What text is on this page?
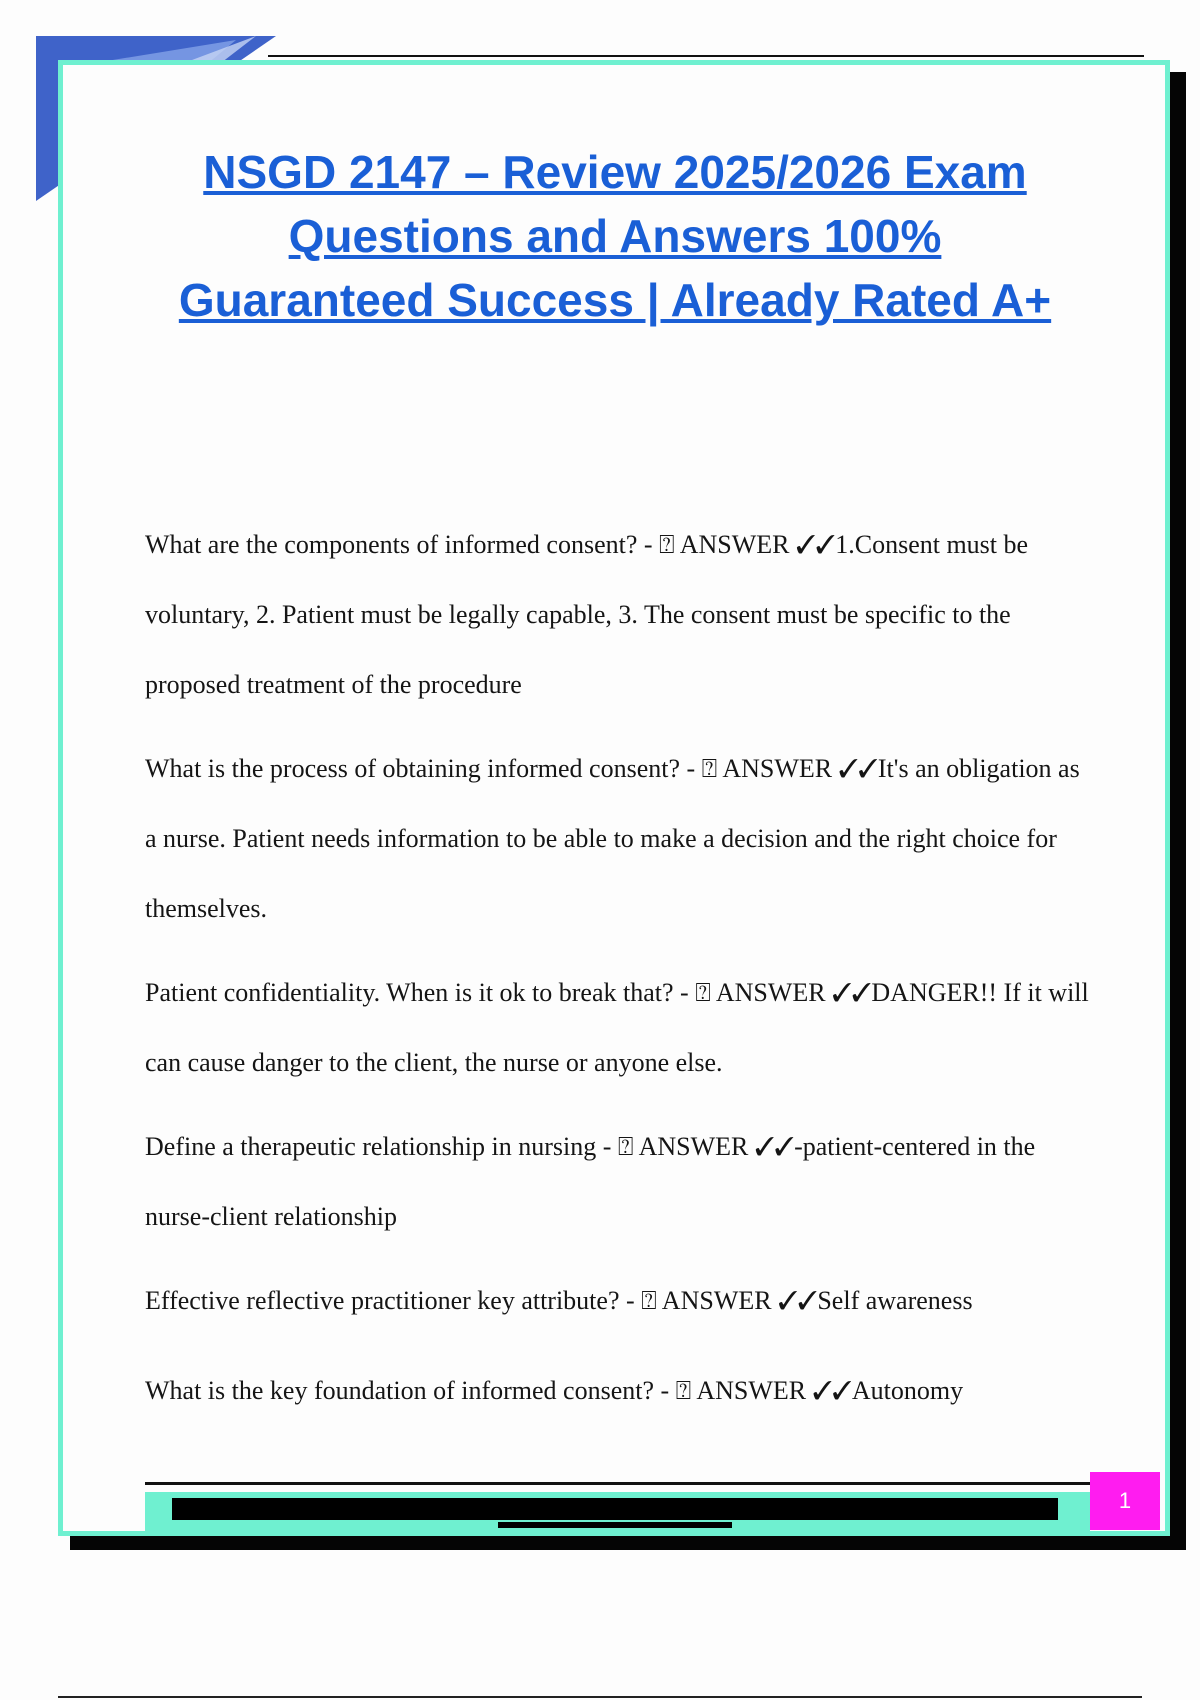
NSGD 2147 – Review 2025/2026 Exam
Questions and Answers 100%
Guaranteed Success | Already Rated A+

What are the components of informed consent? - ⍰ ANSWER ✓✓1.Consent must be voluntary, 2. Patient must be legally capable, 3. The consent must be specific to the proposed treatment of the procedure

What is the process of obtaining informed consent? - ⍰ ANSWER ✓✓It's an obligation as a nurse. Patient needs information to be able to make a decision and the right choice for themselves.

Patient confidentiality. When is it ok to break that? - ⍰ ANSWER ✓✓DANGER!! If it will can cause danger to the client, the nurse or anyone else.

Define a therapeutic relationship in nursing - ⍰ ANSWER ✓✓-patient-centered in the nurse-client relationship

Effective reflective practitioner key attribute? - ⍰ ANSWER ✓✓Self awareness

What is the key foundation of informed consent? - ⍰ ANSWER ✓✓Autonomy

1
